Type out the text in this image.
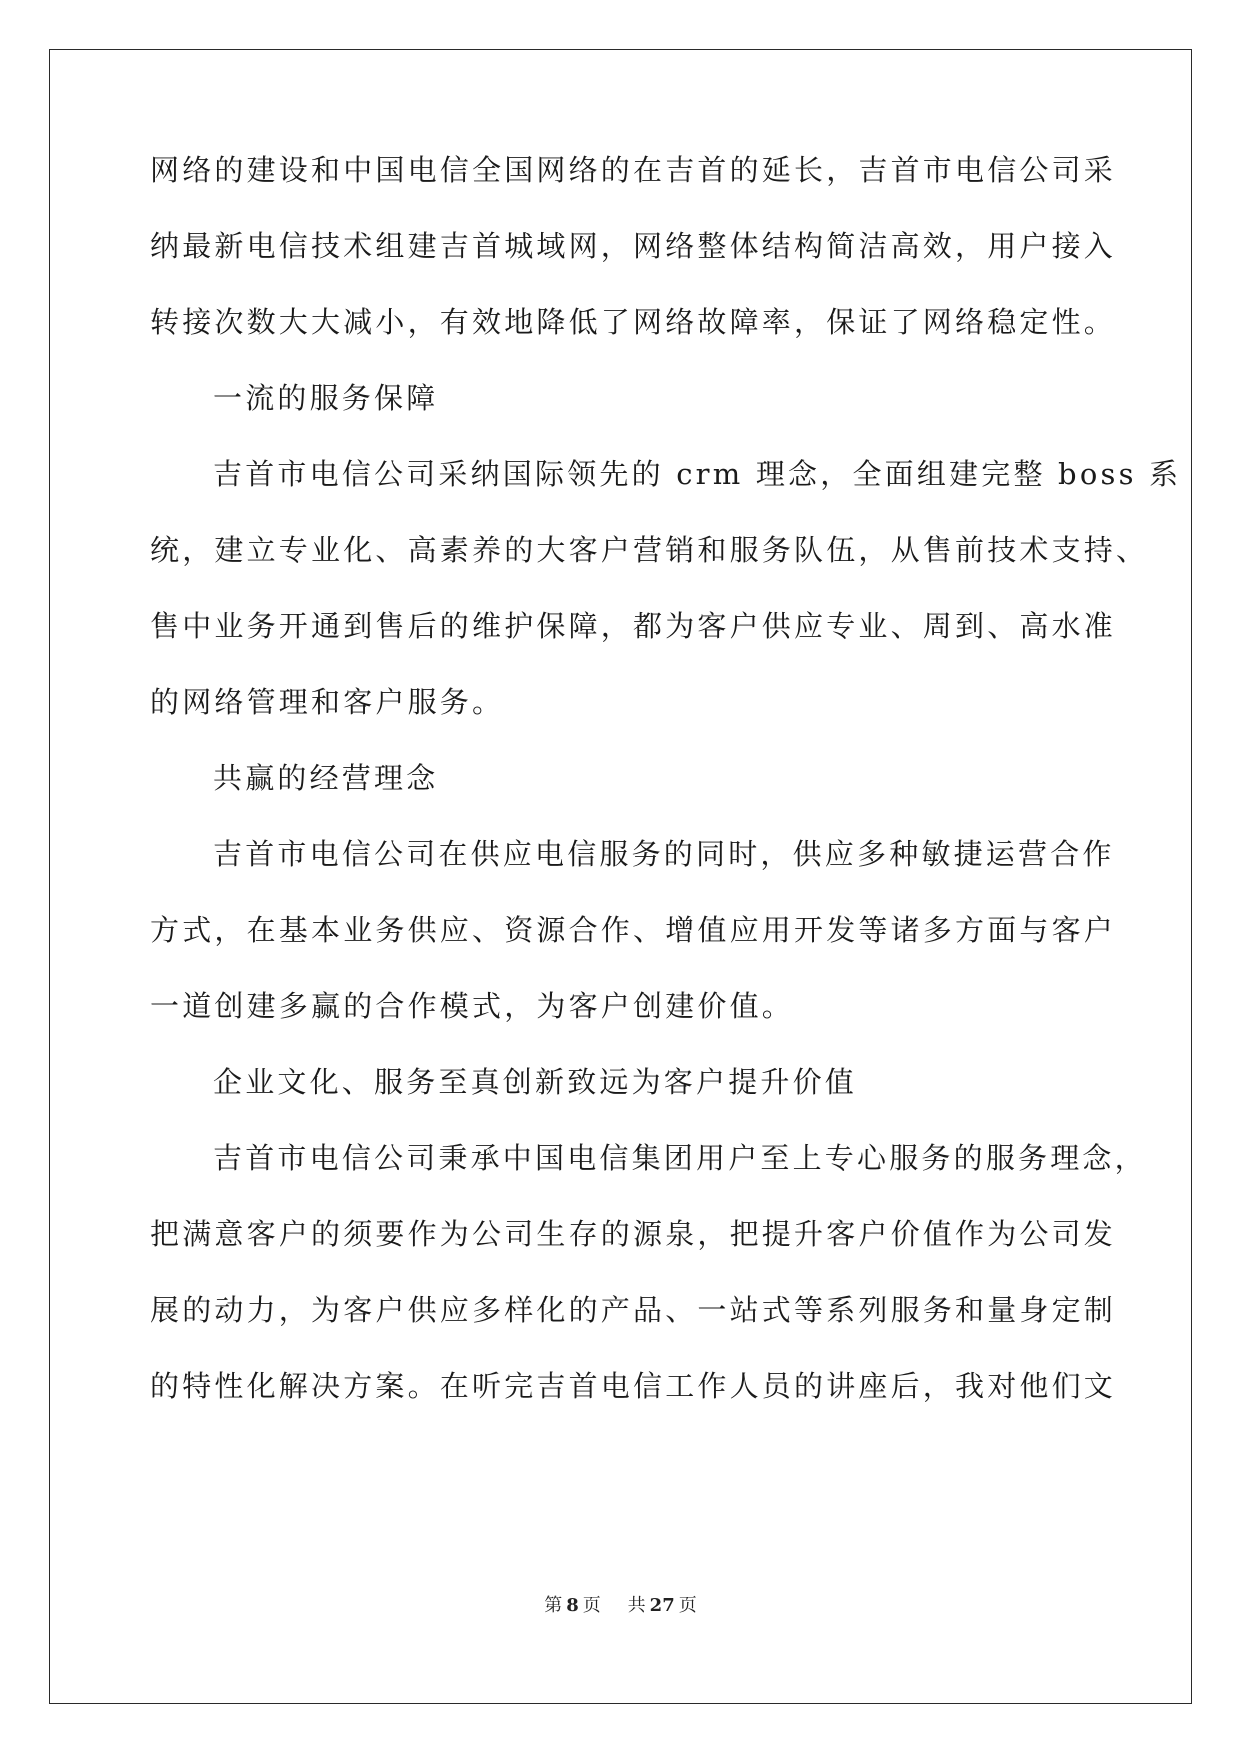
网络的建设和中国电信全国网络的在吉首的延长，吉首市电信公司采
纳最新电信技术组建吉首城域网，网络整体结构简洁高效，用户接入
转接次数大大减小，有效地降低了网络故障率，保证了网络稳定性。
一流的服务保障
吉首市电信公司采纳国际领先的 crm 理念，全面组建完整 boss 系
统，建立专业化、高素养的大客户营销和服务队伍，从售前技术支持、
售中业务开通到售后的维护保障，都为客户供应专业、周到、高水准
的网络管理和客户服务。
共赢的经营理念
吉首市电信公司在供应电信服务的同时，供应多种敏捷运营合作
方式，在基本业务供应、资源合作、增值应用开发等诸多方面与客户
一道创建多赢的合作模式，为客户创建价值。
企业文化、服务至真创新致远为客户提升价值
吉首市电信公司秉承中国电信集团用户至上专心服务的服务理念，
把满意客户的须要作为公司生存的源泉，把提升客户价值作为公司发
展的动力，为客户供应多样化的产品、一站式等系列服务和量身定制
的特性化解决方案。在听完吉首电信工作人员的讲座后，我对他们文
第 8 页 共 27 页
